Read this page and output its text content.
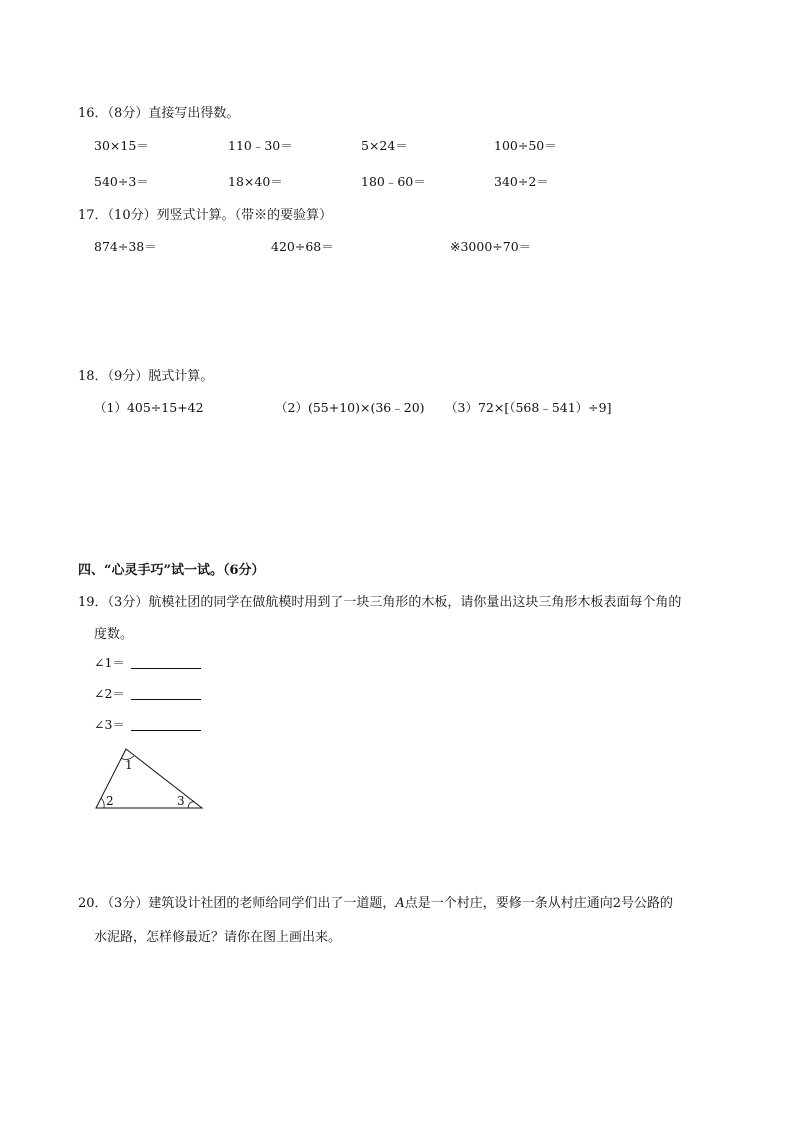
16．（8分）直接写出得数。
30×15＝	110﹣30＝	5×24＝	100÷50＝
540÷3＝	18×40＝	180﹣60＝	340÷2＝
17．（10分）列竖式计算。（带※的要验算）
874÷38＝	420÷68＝	※3000÷70＝
18．（9分）脱式计算。
（1）405÷15+42	（2）(55+10)×(36﹣20) （3）72×[（568﹣541）÷9]
四、“心灵手巧”试一试。（6分）
19．（3分）航模社团的同学在做航模时用到了一块三角形的木板，请你量出这块三角形木板表面每个角的
度数。
∠1＝
∠2＝
∠3＝
1
2	3
20．（3分）建筑设计社团的老师给同学们出了一道题，A点是一个村庄，要修一条从村庄通向2号公路的
水泥路，怎样修最近？请你在图上画出来。
